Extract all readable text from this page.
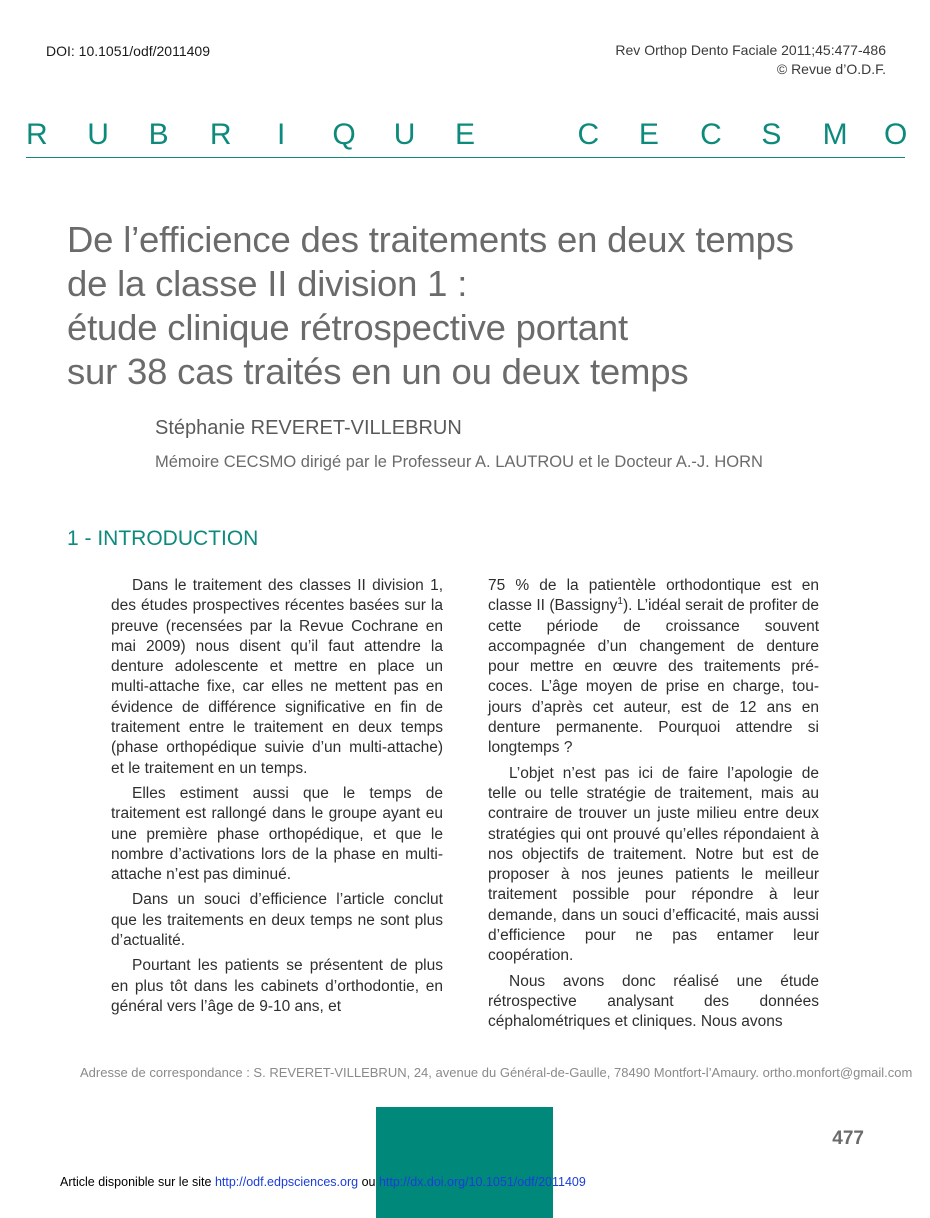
DOI: 10.1051/odf/2011409	Rev Orthop Dento Faciale 2011;45:477-486
© Revue d’O.D.F.
R U B R I Q U E	C E C S M O
De l’efficience des traitements en deux temps
de la classe II division 1 :
étude clinique rétrospective portant
sur 38 cas traités en un ou deux temps
Stéphanie REVERET-VILLEBRUN
Mémoire CECSMO dirigé par le Professeur A. LAUTROU et le Docteur A.-J. HORN
1 - INTRODUCTION

Dans le traitement des classes II division 1, des études prospectives récentes basées sur la preuve (recensées par la Revue Cochrane en mai 2009) nous disent qu’il faut attendre la denture adolescente et mettre en place un multi-attache fixe, car elles ne mettent pas en évidence de différence significative en fin de traitement entre le traitement en deux temps (phase orthopédique suivie d’un multi-attache) et le traitement en un temps.

Elles estiment aussi que le temps de traitement est rallongé dans le groupe ayant eu une première phase orthopédique, et que le nombre d’activations lors de la phase en multi-attache n’est pas diminué.

Dans un souci d’efficience l’article conclut que les traitements en deux temps ne sont plus d’actualité.

Pourtant les patients se présentent de plus en plus tôt dans les cabinets d’orthodontie, en général vers l’âge de 9-10 ans, et

75 % de la patientèle orthodontique est en classe II (Bassigny$^1$). L’idéal serait de profiter de cette période de croissance souvent accompagnée d’un changement de denture pour mettre en œuvre des traitements précoces. L’âge moyen de prise en charge, toujours d’après cet auteur, est de 12 ans en denture permanente. Pourquoi attendre si longtemps ?

L’objet n’est pas ici de faire l’apologie de telle ou telle stratégie de traitement, mais au contraire de trouver un juste milieu entre deux stratégies qui ont prouvé qu’elles répondaient à nos objectifs de traitement. Notre but est de proposer à nos jeunes patients le meilleur traitement possible pour répondre à leur demande, dans un souci d’efficacité, mais aussi d’efficience pour ne pas entamer leur coopération.

Nous avons donc réalisé une étude rétrospective analysant des données céphalométriques et cliniques. Nous avons

Adresse de correspondance : S. REVERET-VILLEBRUN, 24, avenue du Général-de-Gaulle, 78490 Montfort-l’Amaury. ortho.monfort@gmail.com
477
Article disponible sur le site http://odf.edpsciences.org ou http://dx.doi.org/10.1051/odf/2011409
